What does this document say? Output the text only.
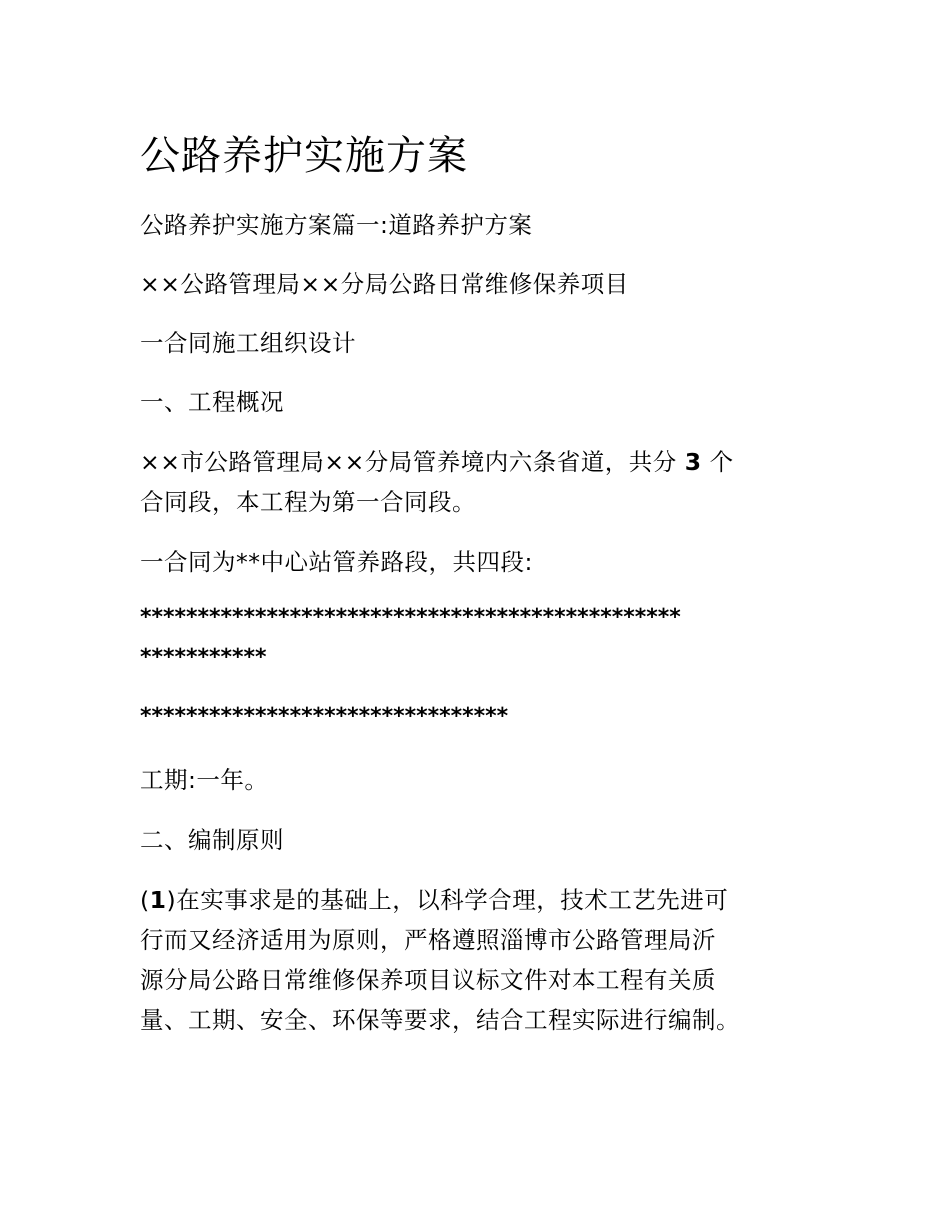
公路养护实施方案
公路养护实施方案篇一:道路养护方案
××公路管理局××分局公路日常维修保养项目
一合同施工组织设计
一、工程概况
××市公路管理局××分局管养境内六条省道，共分 3 个
合同段，本工程为第一合同段。
一合同为**中心站管养路段，共四段:
***********************************************
***********
********************************
工期:一年。
二、编制原则
(1)在实事求是的基础上，以科学合理，技术工艺先进可
行而又经济适用为原则，严格遵照淄博市公路管理局沂
源分局公路日常维修保养项目议标文件对本工程有关质
量、工期、安全、环保等要求，结合工程实际进行编制。
